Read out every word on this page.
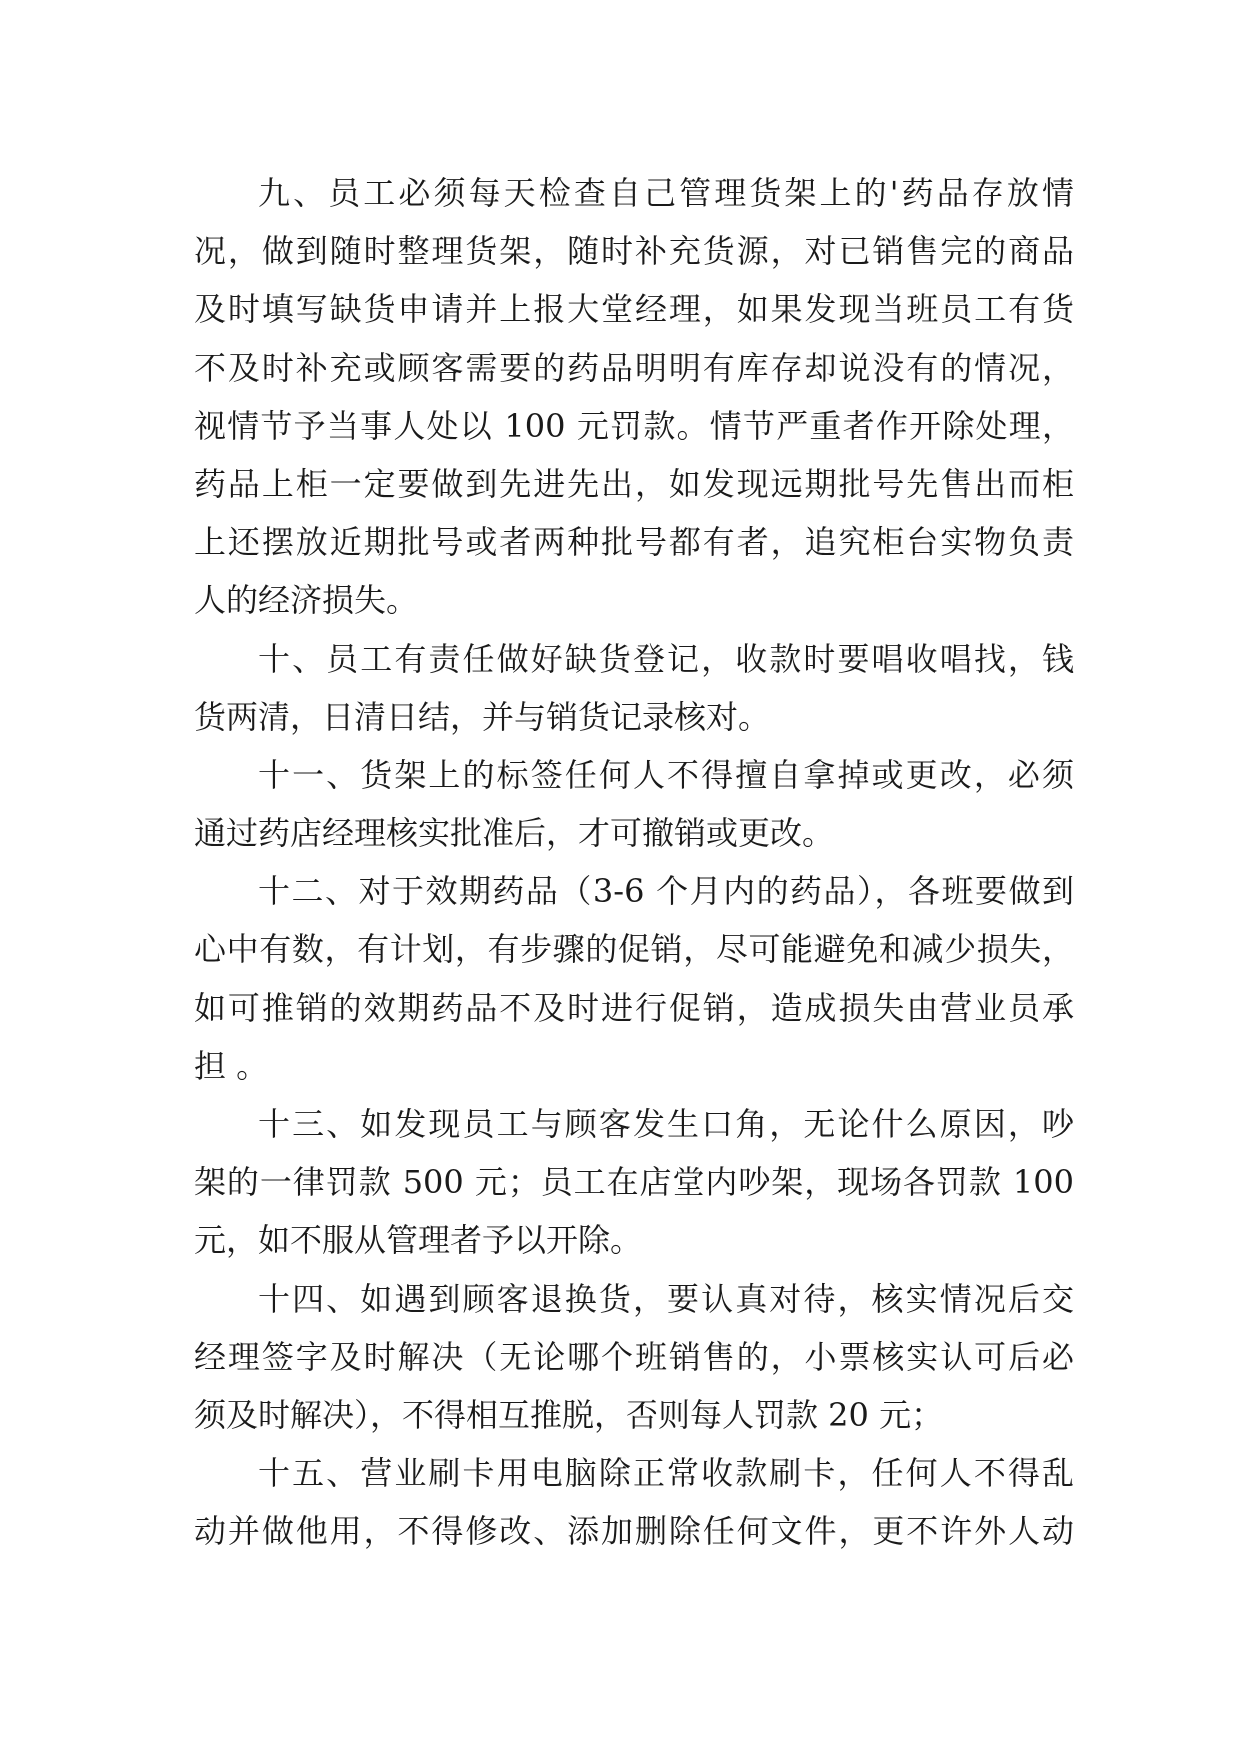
九、员工必须每天检查自己管理货架上的'药品存放情

况，做到随时整理货架，随时补充货源，对已销售完的商品

及时填写缺货申请并上报大堂经理，如果发现当班员工有货

不及时补充或顾客需要的药品明明有库存却说没有的情况，

视情节予当事人处以 100 元罚款。情节严重者作开除处理，

药品上柜一定要做到先进先出，如发现远期批号先售出而柜

上还摆放近期批号或者两种批号都有者，追究柜台实物负责

人的经济损失。

十、员工有责任做好缺货登记，收款时要唱收唱找，钱

货两清，日清日结，并与销货记录核对。

十一、货架上的标签任何人不得擅自拿掉或更改，必须

通过药店经理核实批准后，才可撤销或更改。

十二、对于效期药品（3-6 个月内的药品），各班要做到

心中有数，有计划，有步骤的促销，尽可能避免和减少损失，

如可推销的效期药品不及时进行促销，造成损失由营业员承

担 。

十三、如发现员工与顾客发生口角，无论什么原因，吵

架的一律罚款 500 元；员工在店堂内吵架，现场各罚款 100

元，如不服从管理者予以开除。

十四、如遇到顾客退换货，要认真对待，核实情况后交

经理签字及时解决（无论哪个班销售的，小票核实认可后必

须及时解决），不得相互推脱，否则每人罚款 20 元；

十五、营业刷卡用电脑除正常收款刷卡，任何人不得乱

动并做他用，不得修改、添加删除任何文件，更不许外人动
